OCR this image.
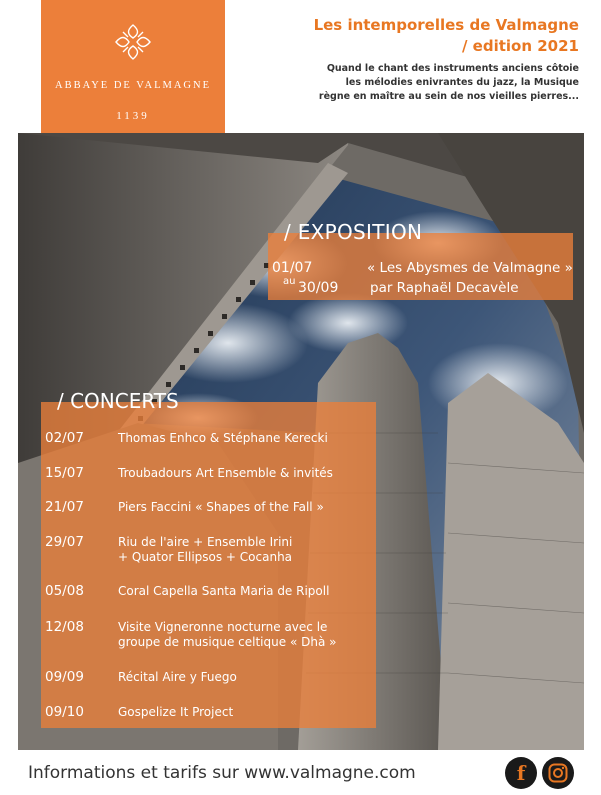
ABBAYE DE VALMAGNE
1139
Les intemporelles de Valmagne
/ edition 2021
Quand le chant des instruments anciens côtoie
les mélodies enivrantes du jazz, la Musique
règne en maître au sein de nos vieilles pierres...
/ EXPOSITION
01/07
au 30/09
« Les Abysmes de Valmagne »
par Raphaël Decavèle
/ CONCERTS
02/07	Thomas Enhco & Stéphane Kerecki
15/07	Troubadours Art Ensemble & invités
21/07	Piers Faccini « Shapes of the Fall »
29/07	Riu de l'aire + Ensemble Irini
+ Quator Ellipsos + Cocanha
05/08	Coral Capella Santa Maria de Ripoll
12/08	Visite Vigneronne nocturne avec le
groupe de musique celtique « Dhà »
09/09	Récital Aire y Fuego
09/10	Gospelize It Project
Informations et tarifs sur www.valmagne.com	f
